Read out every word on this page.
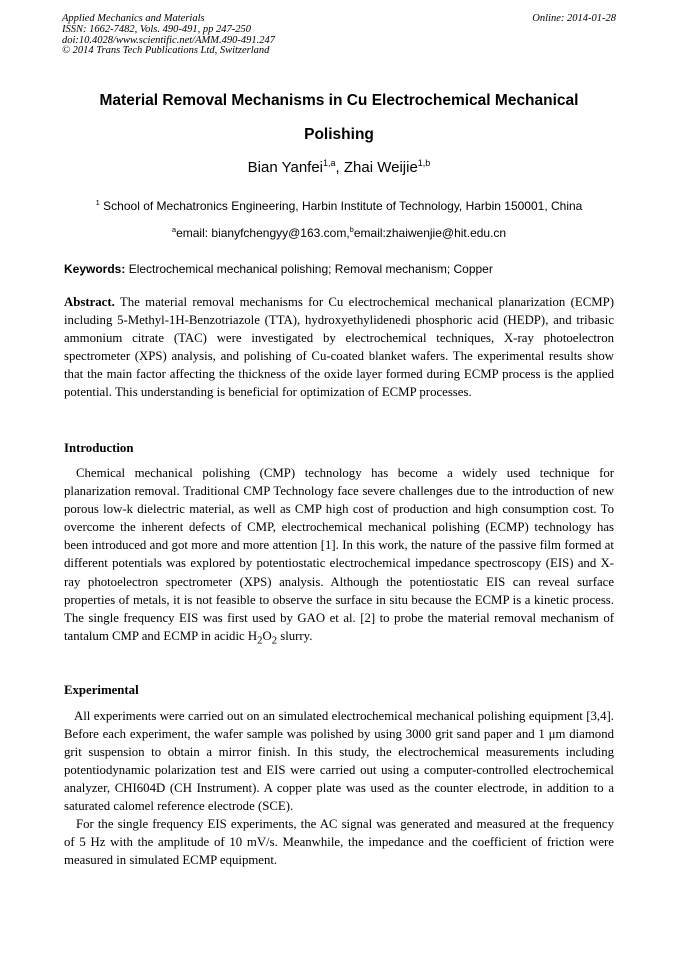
Applied Mechanics and Materials
ISSN: 1662-7482, Vols. 490-491, pp 247-250
doi:10.4028/www.scientific.net/AMM.490-491.247
© 2014 Trans Tech Publications Ltd, Switzerland
Online: 2014-01-28
Material Removal Mechanisms in Cu Electrochemical Mechanical
Polishing
Bian Yanfei$^{1,a}$, Zhai Weijie$^{1,b}$
$^1$ School of Mechatronics Engineering, Harbin Institute of Technology, Harbin 150001, China
$^a$email: bianyfchengyy@163.com,$^b$email:zhaiwenjie@hit.edu.cn
Keywords: Electrochemical mechanical polishing; Removal mechanism; Copper

Abstract. The material removal mechanisms for Cu electrochemical mechanical planarization (ECMP) including 5-Methyl-1H-Benzotriazole (TTA), hydroxyethylidenedi phosphoric acid (HEDP), and tribasic ammonium citrate (TAC) were investigated by electrochemical techniques, X-ray photoelectron spectrometer (XPS) analysis, and polishing of Cu-coated blanket wafers. The experimental results show that the main factor affecting the thickness of the oxide layer formed during ECMP process is the applied potential. This understanding is beneficial for optimization of ECMP processes.

Introduction

Chemical mechanical polishing (CMP) technology has become a widely used technique for planarization removal. Traditional CMP Technology face severe challenges due to the introduction of new porous low-k dielectric material, as well as CMP high cost of production and high consumption cost. To overcome the inherent defects of CMP, electrochemical mechanical polishing (ECMP) technology has been introduced and got more and more attention [1]. In this work, the nature of the passive film formed at different potentials was explored by potentiostatic electrochemical impedance spectroscopy (EIS) and X-ray photoelectron spectrometer (XPS) analysis. Although the potentiostatic EIS can reveal surface properties of metals, it is not feasible to observe the surface in situ because the ECMP is a kinetic process. The single frequency EIS was first used by GAO et al. [2] to probe the material removal mechanism of tantalum CMP and ECMP in acidic $H_2O_2$ slurry.

Experimental

All experiments were carried out on an simulated electrochemical mechanical polishing equipment [3,4]. Before each experiment, the wafer sample was polished by using 3000 grit sand paper and 1 μm diamond grit suspension to obtain a mirror finish. In this study, the electrochemical measurements including potentiodynamic polarization test and EIS were carried out using a computer-controlled electrochemical analyzer, CHI604D (CH Instrument). A copper plate was used as the counter electrode, in addition to a saturated calomel reference electrode (SCE).

For the single frequency EIS experiments, the AC signal was generated and measured at the frequency of 5 Hz with the amplitude of 10 mV/s. Meanwhile, the impedance and the coefficient of friction were measured in simulated ECMP equipment.
